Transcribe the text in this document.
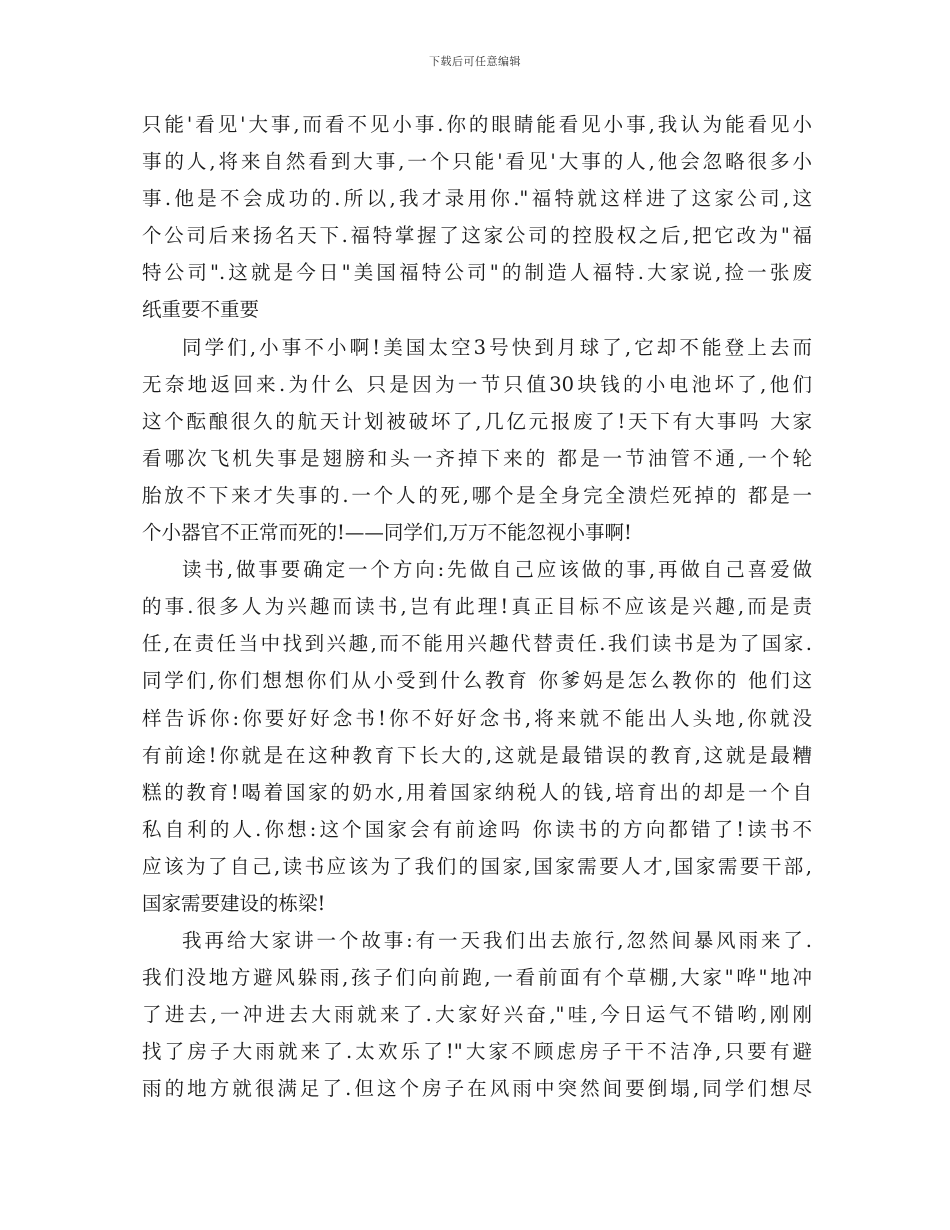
下载后可任意编辑
只能'看见'大事,而看不见小事.你的眼睛能看见小事,我认为能看见小
事的人,将来自然看到大事,一个只能'看见'大事的人,他会忽略很多小
事.他是不会成功的.所以,我才录用你."福特就这样进了这家公司,这
个公司后来扬名天下.福特掌握了这家公司的控股权之后,把它改为"福
特公司".这就是今日"美国福特公司"的制造人福特.大家说,捡一张废
纸重要不重要
同学们,小事不小啊!美国太空3号快到月球了,它却不能登上去而
无奈地返回来.为什么 只是因为一节只值30块钱的小电池坏了,他们
这个酝酿很久的航天计划被破坏了,几亿元报废了!天下有大事吗 大家
看哪次飞机失事是翅膀和头一齐掉下来的 都是一节油管不通,一个轮
胎放不下来才失事的.一个人的死,哪个是全身完全溃烂死掉的 都是一
个小器官不正常而死的!——同学们,万万不能忽视小事啊!
读书,做事要确定一个方向:先做自己应该做的事,再做自己喜爱做
的事.很多人为兴趣而读书,岂有此理!真正目标不应该是兴趣,而是责
任,在责任当中找到兴趣,而不能用兴趣代替责任.我们读书是为了国家.
同学们,你们想想你们从小受到什么教育 你爹妈是怎么教你的 他们这
样告诉你:你要好好念书!你不好好念书,将来就不能出人头地,你就没
有前途!你就是在这种教育下长大的,这就是最错误的教育,这就是最糟
糕的教育!喝着国家的奶水,用着国家纳税人的钱,培育出的却是一个自
私自利的人.你想:这个国家会有前途吗 你读书的方向都错了!读书不
应该为了自己,读书应该为了我们的国家,国家需要人才,国家需要干部,
国家需要建设的栋梁!
我再给大家讲一个故事:有一天我们出去旅行,忽然间暴风雨来了.
我们没地方避风躲雨,孩子们向前跑,一看前面有个草棚,大家"哗"地冲
了进去,一冲进去大雨就来了.大家好兴奋,"哇,今日运气不错哟,刚刚
找了房子大雨就来了.太欢乐了!"大家不顾虑房子干不洁净,只要有避
雨的地方就很满足了.但这个房子在风雨中突然间要倒塌,同学们想尽
